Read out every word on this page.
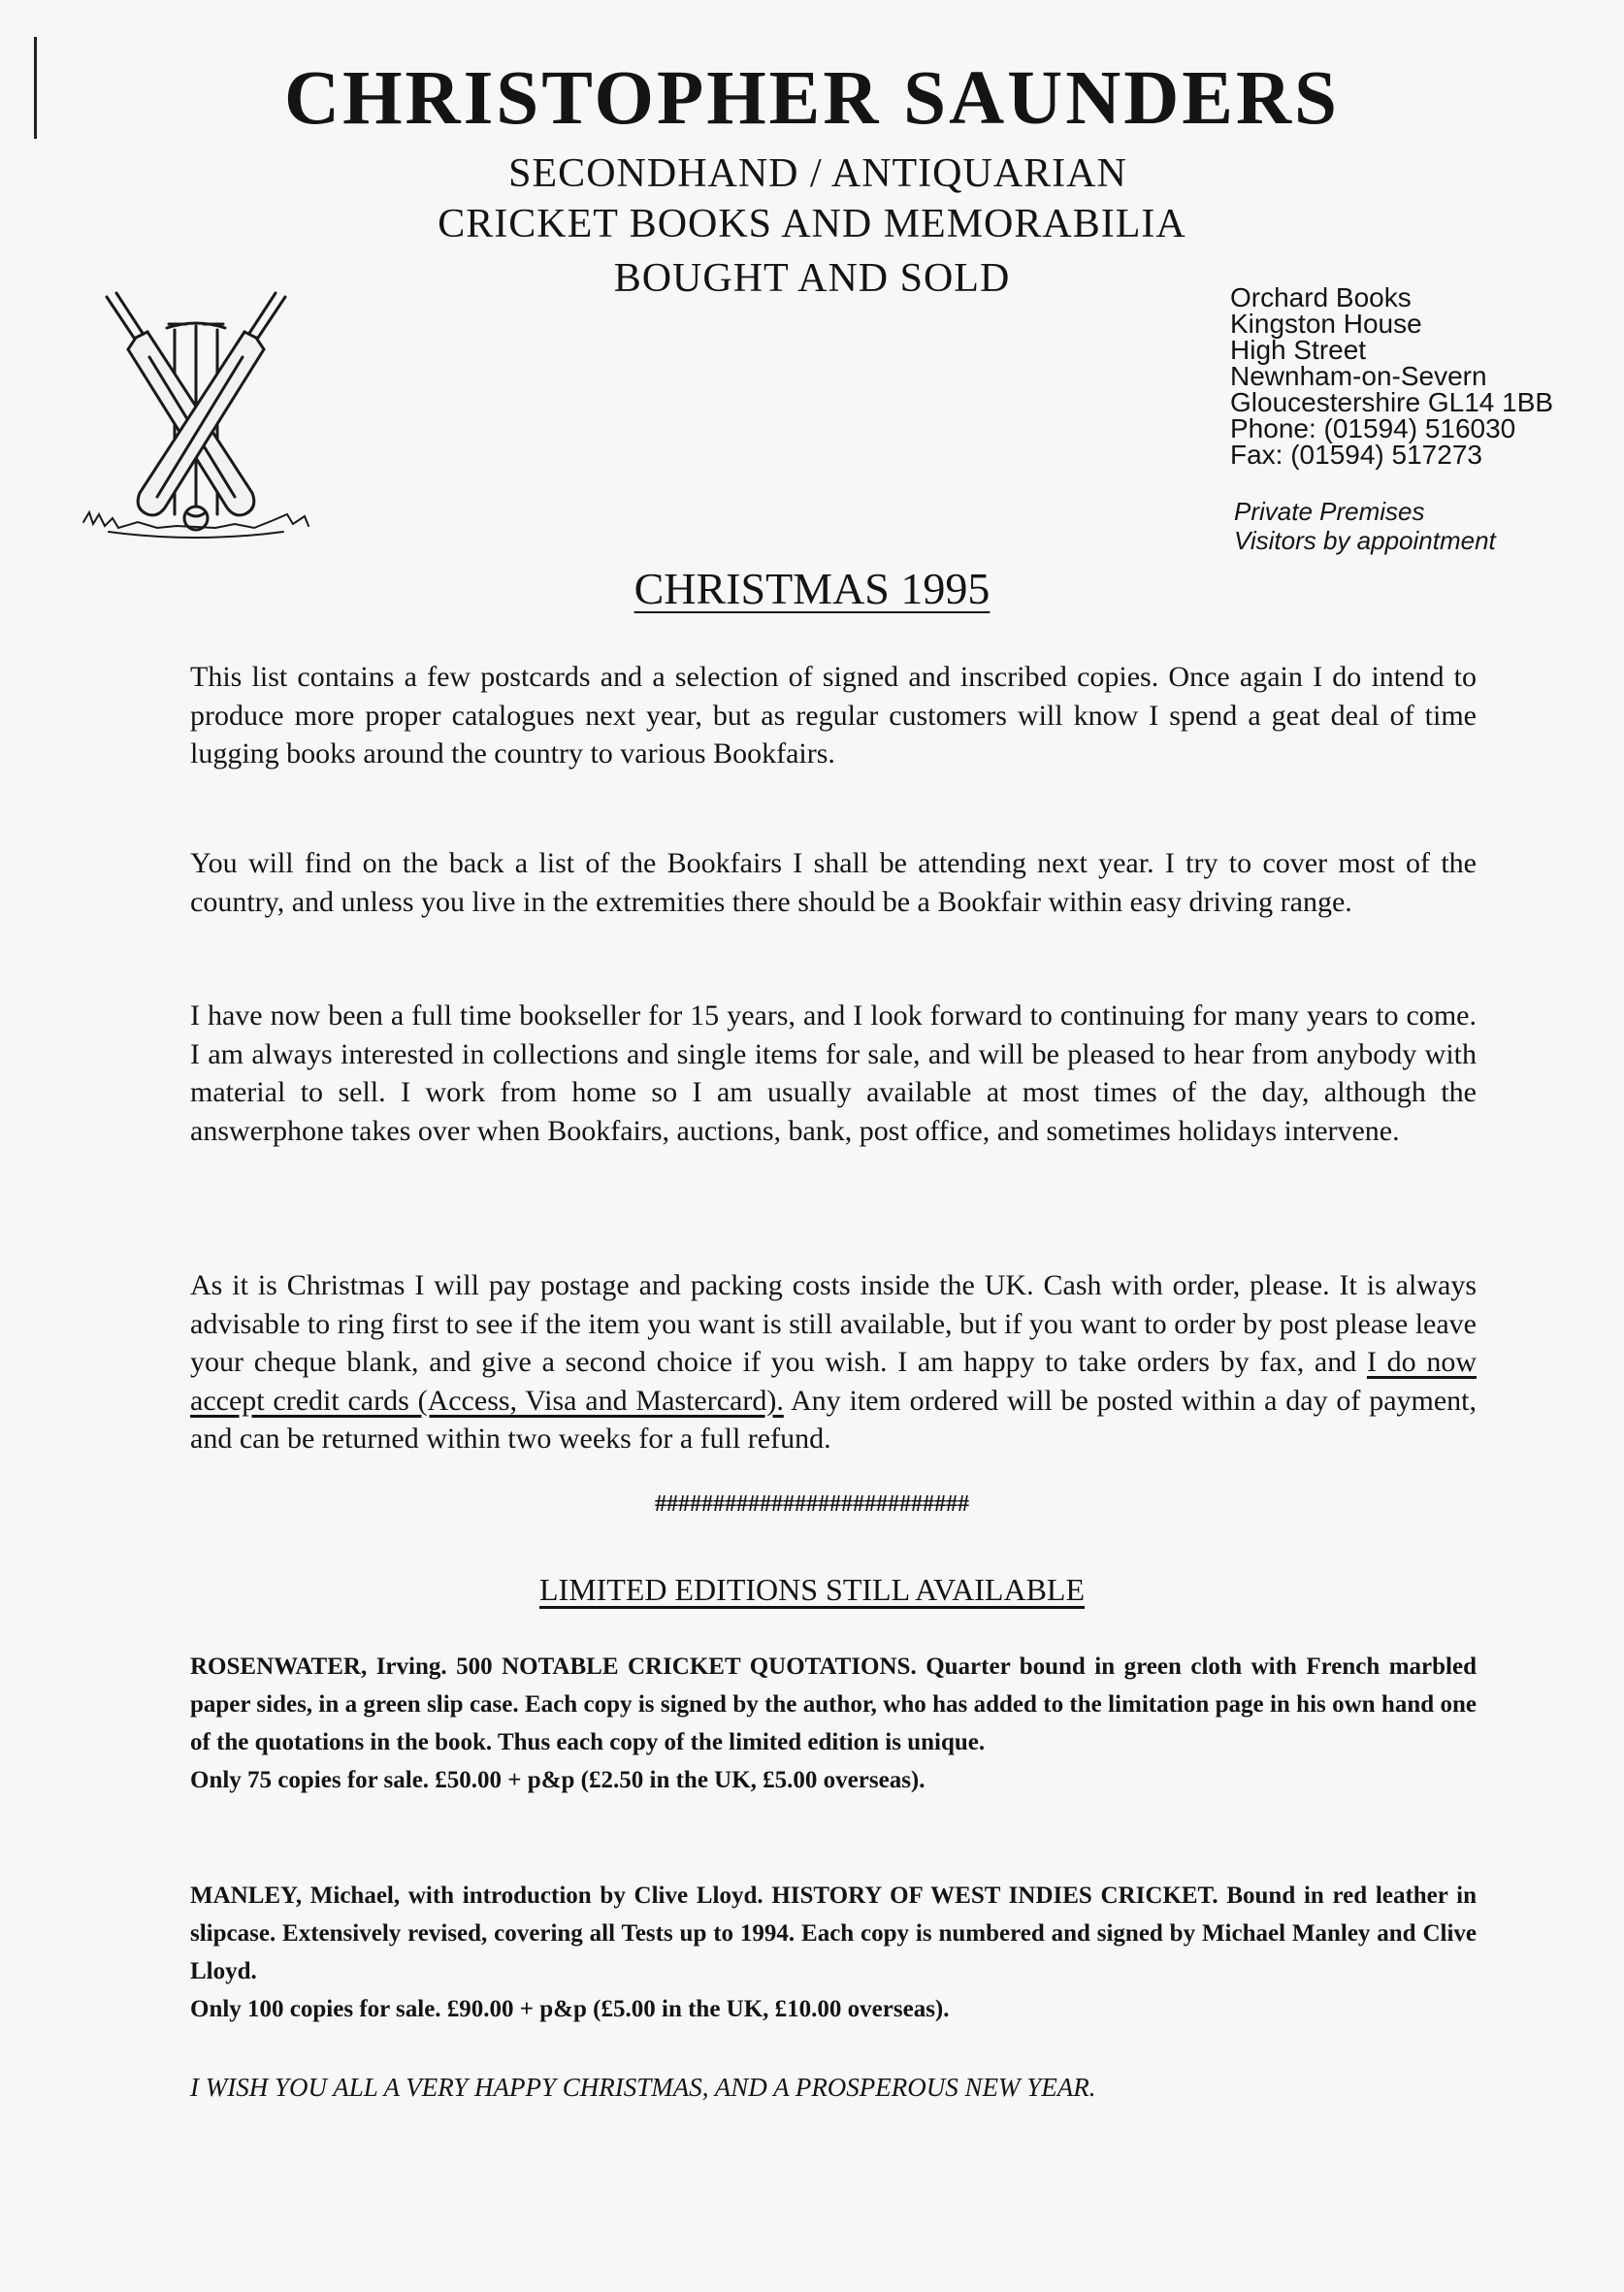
CHRISTOPHER SAUNDERS
SECONDHAND / ANTIQUARIAN
CRICKET BOOKS AND MEMORABILIA
BOUGHT AND SOLD	Orchard Books
Kingston House
High Street
Newnham-on-Severn
Gloucestershire GL14 1BB
Phone: (01594) 516030
Fax: (01594) 517273
Private Premises
Visitors by appointment
CHRISTMAS 1995

This list contains a few postcards and a selection of signed and inscribed copies. Once again I do intend to produce more proper catalogues next year, but as regular customers will know I spend a geat deal of time lugging books around the country to various Bookfairs.

You will find on the back a list of the Bookfairs I shall be attending next year. I try to cover most of the country, and unless you live in the extremities there should be a Bookfair within easy driving range.

I have now been a full time bookseller for 15 years, and I look forward to continuing for many years to come. I am always interested in collections and single items for sale, and will be pleased to hear from anybody with material to sell. I work from home so I am usually available at most times of the day, although the answerphone takes over when Bookfairs, auctions, bank, post office, and sometimes holidays intervene.

As it is Christmas I will pay postage and packing costs inside the UK. Cash with order, please. It is always advisable to ring first to see if the item you want is still available, but if you want to order by post please leave your cheque blank, and give a second choice if you wish. I am happy to take orders by fax, and I do now accept credit cards (Access, Visa and Mastercard). Any item ordered will be posted within a day of payment, and can be returned within two weeks for a full refund.

###########################
LIMITED EDITIONS STILL AVAILABLE
ROSENWATER, Irving. 500 NOTABLE CRICKET QUOTATIONS. Quarter bound in green cloth with French marbled paper sides, in a green slip case. Each copy is signed by the author, who has added to the limitation page in his own hand one of the quotations in the book. Thus each copy of the limited edition is unique.
Only 75 copies for sale. £50.00 + p&p (£2.50 in the UK, £5.00 overseas).
MANLEY, Michael, with introduction by Clive Lloyd. HISTORY OF WEST INDIES CRICKET. Bound in red leather in slipcase. Extensively revised, covering all Tests up to 1994. Each copy is numbered and signed by Michael Manley and Clive Lloyd.
Only 100 copies for sale. £90.00 + p&p (£5.00 in the UK, £10.00 overseas).
I WISH YOU ALL A VERY HAPPY CHRISTMAS, AND A PROSPEROUS NEW YEAR.
